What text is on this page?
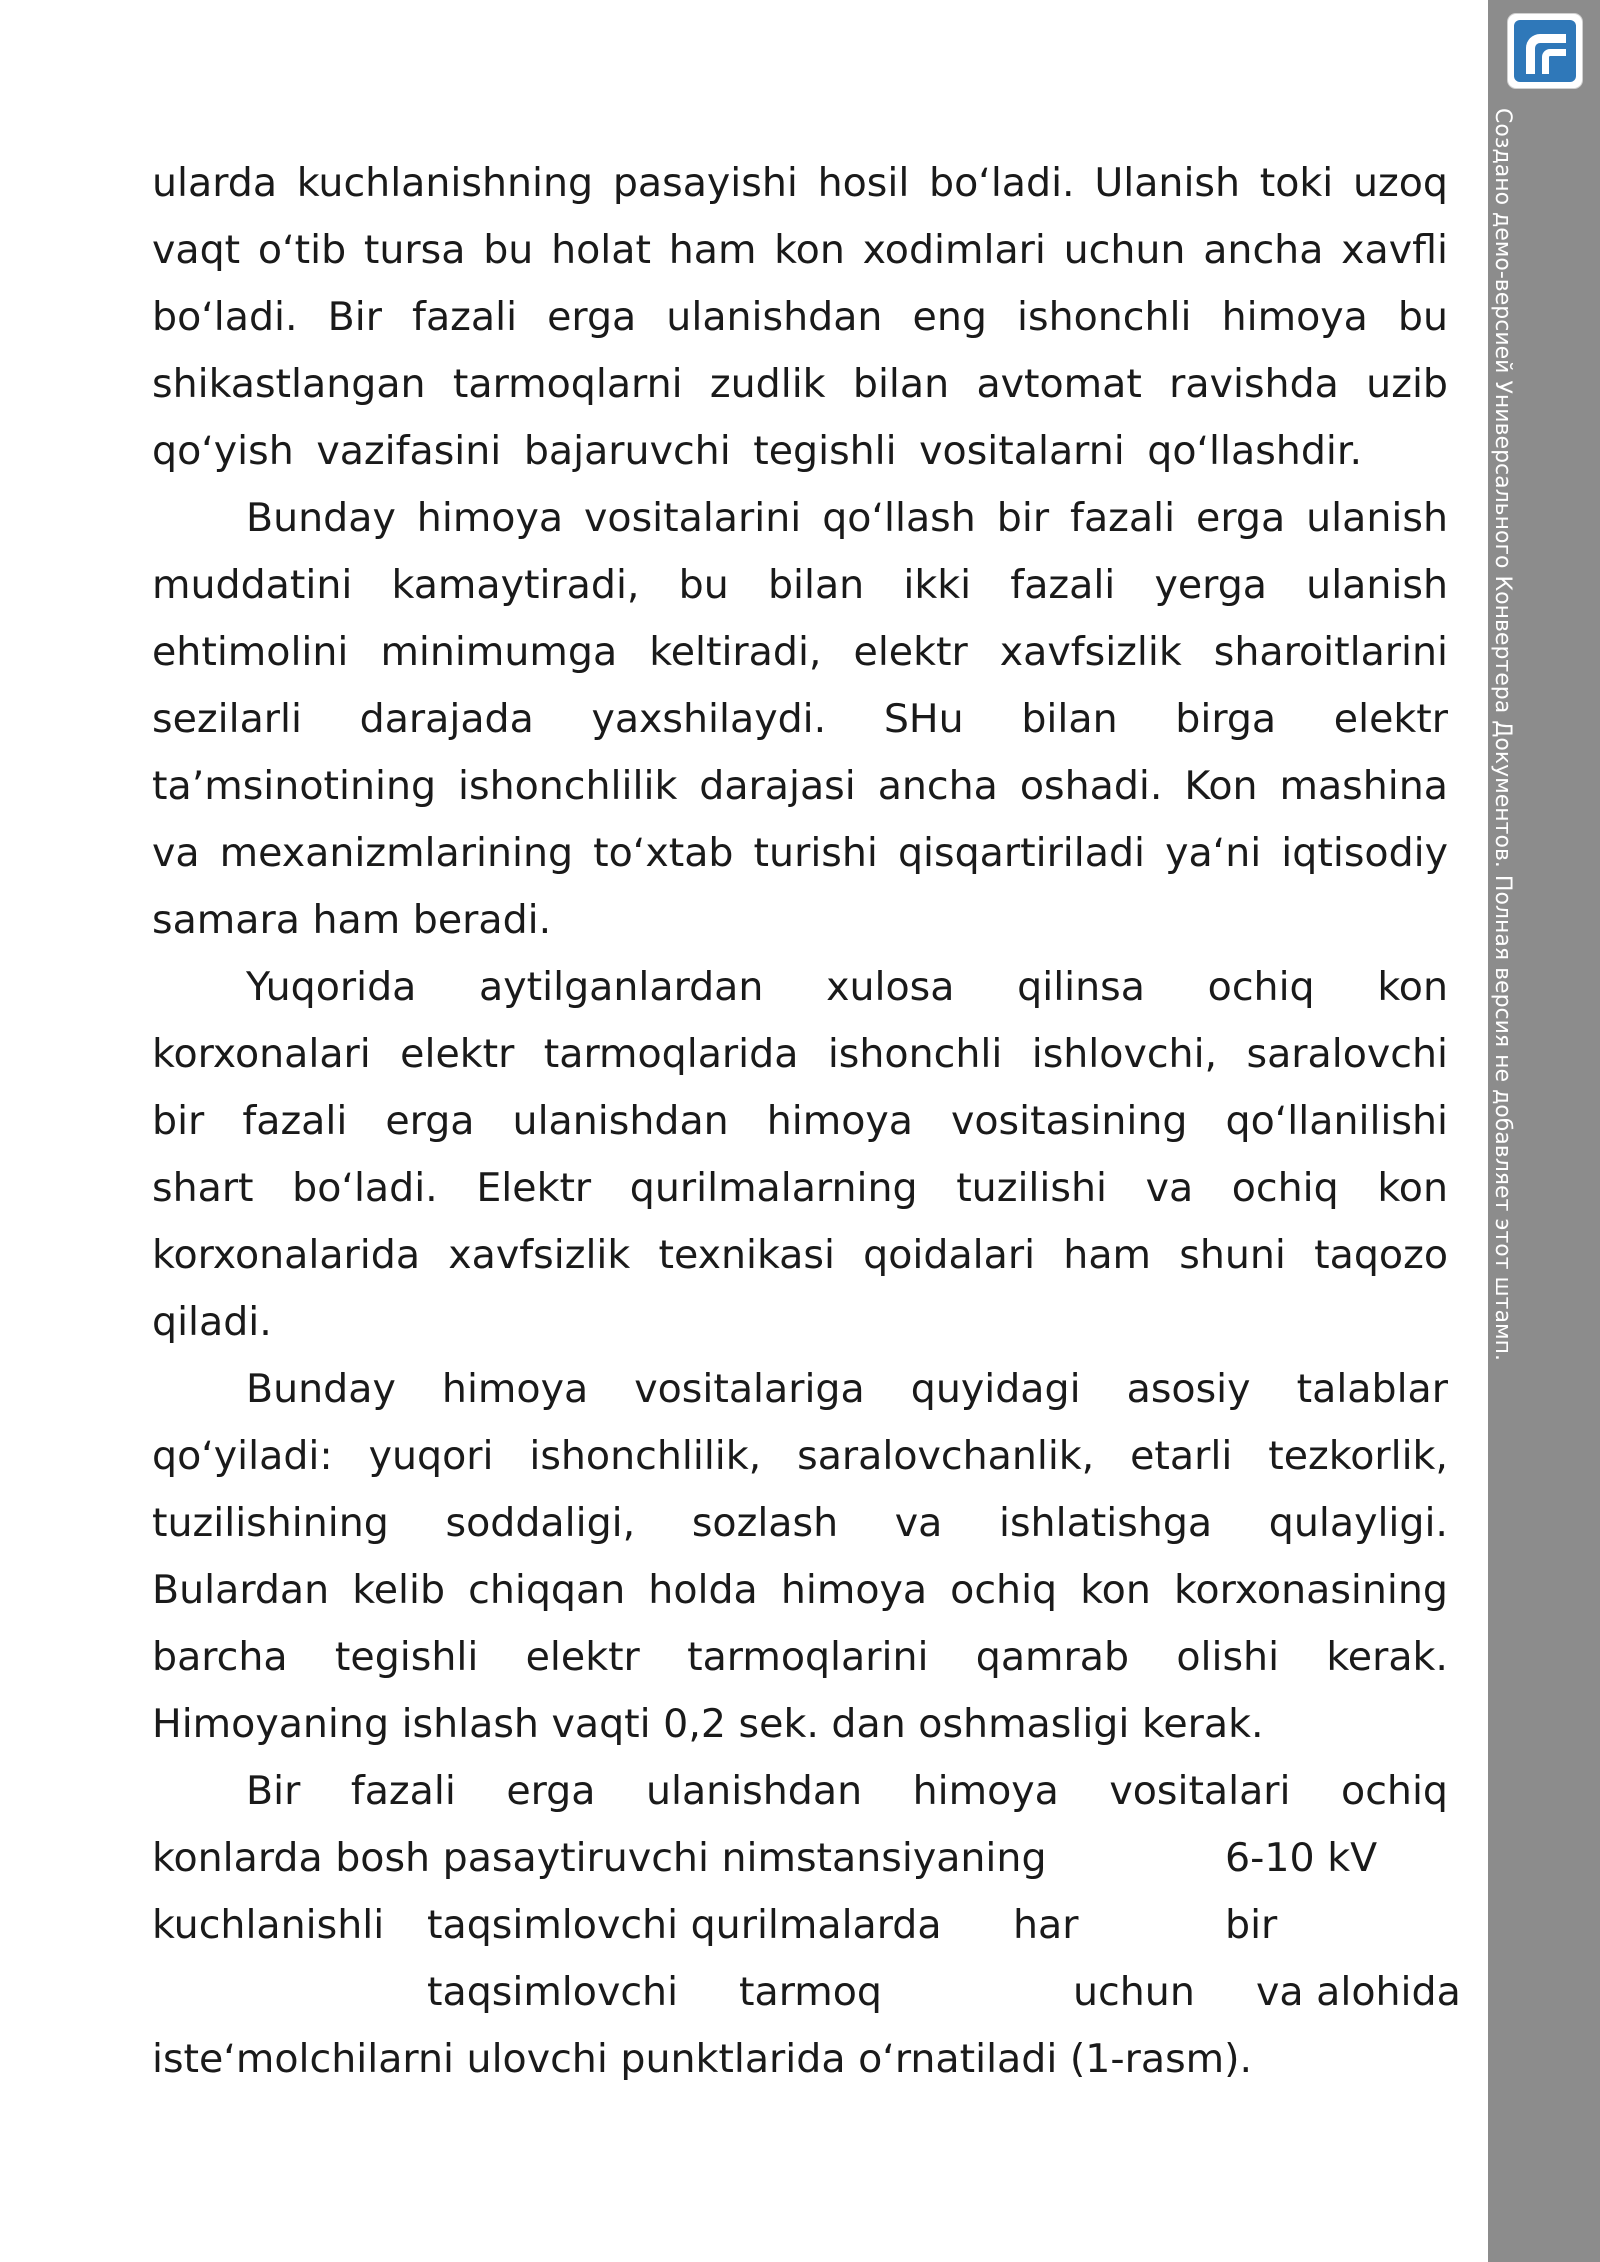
ularda kuchlanishning pasayishi hosil bo‘ladi. Ulanish toki uzoq
vaqt o‘tib tursa bu holat ham kon xodimlari uchun ancha xavfli
bo‘ladi. Bir fazali erga ulanishdan eng ishonchli himoya bu
shikastlangan tarmoqlarni zudlik bilan avtomat ravishda uzib
qo‘yish vazifasini bajaruvchi tegishli vositalarni qo‘llashdir.
Bunday himoya vositalarini qo‘llash bir fazali erga ulanish
muddatini kamaytiradi, bu bilan ikki fazali yerga ulanish
ehtimolini minimumga keltiradi, elektr xavfsizlik sharoitlarini
sezilarli darajada yaxshilaydi. SHu bilan birga elektr
ta’msinotining ishonchlilik darajasi ancha oshadi. Kon mashina
va mexanizmlarining to‘xtab turishi qisqartiriladi ya‘ni iqtisodiy
samara ham beradi.
Yuqorida aytilganlardan xulosa qilinsa ochiq kon
korxonalari elektr tarmoqlarida ishonchli ishlovchi, saralovchi
bir fazali erga ulanishdan himoya vositasining qo‘llanilishi
shart bo‘ladi. Elektr qurilmalarning tuzilishi va ochiq kon
korxonalarida xavfsizlik texnikasi qoidalari ham shuni taqozo
qiladi.
Bunday himoya vositalariga quyidagi asosiy talablar
qo‘yiladi: yuqori ishonchlilik, saralovchanlik, etarli tezkorlik,
tuzilishining soddaligi, sozlash va ishlatishga qulayligi.
Bulardan kelib chiqqan holda himoya ochiq kon korxonasining
barcha tegishli elektr tarmoqlarini qamrab olishi kerak.
Himoyaning ishlash vaqti 0,2 sek. dan oshmasligi kerak.
Bir fazali erga ulanishdan himoya vositalari ochiq
konlarda bosh pasaytiruvchi nimstansiyaning	6-10 kV
kuchlanishli taqsimlovchi qurilmalarda har	bir
taqsimlovchi tarmoq	uchun va alohida
iste‘molchilarni ulovchi punktlarida o‘rnatiladi (1-rasm).
Создано демо-версией Универсального Конвертера Документов. Полная версия не добавляет этот штамп.
WWW.PRINT-DRIVER.RU
